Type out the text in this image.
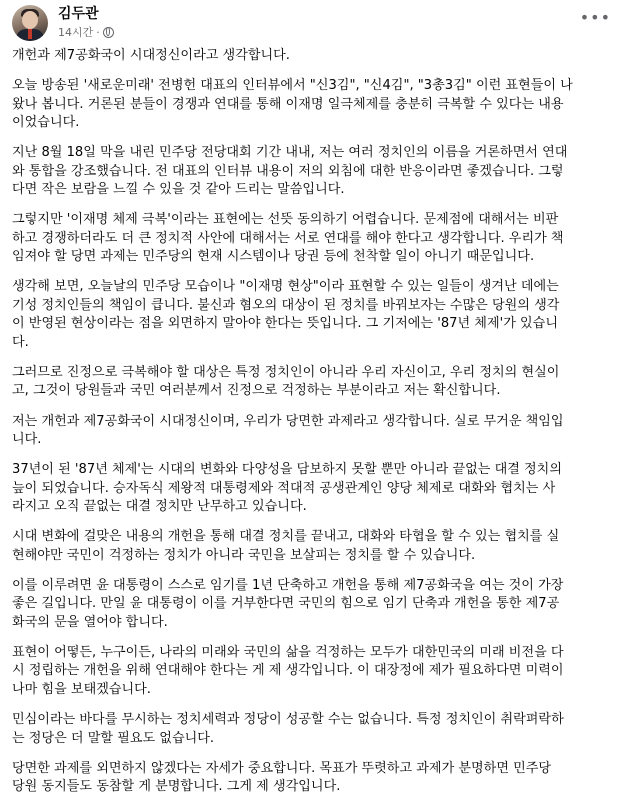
김두관
14시간 ·
•••
개헌과 제7공화국이 시대정신이라고 생각합니다.
오늘 방송된 '새로운미래' 전병헌 대표의 인터뷰에서 "신3김", "신4김", "3총3김" 이런 표현들이 나
왔나 봅니다. 거론된 분들이 경쟁과 연대를 통해 이재명 일극체제를 충분히 극복할 수 있다는 내용
이었습니다.
지난 8월 18일 막을 내린 민주당 전당대회 기간 내내, 저는 여러 정치인의 이름을 거론하면서 연대
와 통합을 강조했습니다. 전 대표의 인터뷰 내용이 저의 외침에 대한 반응이라면 좋겠습니다. 그렇
다면 작은 보람을 느낄 수 있을 것 같아 드리는 말씀입니다.
그렇지만 '이재명 체제 극복'이라는 표현에는 선뜻 동의하기 어렵습니다. 문제점에 대해서는 비판
하고 경쟁하더라도 더 큰 정치적 사안에 대해서는 서로 연대를 해야 한다고 생각합니다. 우리가 책
임져야 할 당면 과제는 민주당의 현재 시스템이나 당권 등에 천착할 일이 아니기 때문입니다.
생각해 보면, 오늘날의 민주당 모습이나 "이재명 현상"이라 표현할 수 있는 일들이 생겨난 데에는
기성 정치인들의 책임이 큽니다. 불신과 혐오의 대상이 된 정치를 바꿔보자는 수많은 당원의 생각
이 반영된 현상이라는 점을 외면하지 말아야 한다는 뜻입니다. 그 기저에는 '87년 체제'가 있습니
다.
그러므로 진정으로 극복해야 할 대상은 특정 정치인이 아니라 우리 자신이고, 우리 정치의 현실이
고, 그것이 당원들과 국민 여러분께서 진정으로 걱정하는 부분이라고 저는 확신합니다.
저는 개헌과 제7공화국이 시대정신이며, 우리가 당면한 과제라고 생각합니다. 실로 무거운 책임입
니다.
37년이 된 '87년 체제'는 시대의 변화와 다양성을 담보하지 못할 뿐만 아니라 끝없는 대결 정치의
늪이 되었습니다. 승자독식 제왕적 대통령제와 적대적 공생관계인 양당 체제로 대화와 협치는 사
라지고 오직 끝없는 대결 정치만 난무하고 있습니다.
시대 변화에 걸맞은 내용의 개헌을 통해 대결 정치를 끝내고, 대화와 타협을 할 수 있는 협치를 실
현해야만 국민이 걱정하는 정치가 아니라 국민을 보살피는 정치를 할 수 있습니다.
이를 이루려면 윤 대통령이 스스로 임기를 1년 단축하고 개헌을 통해 제7공화국을 여는 것이 가장
좋은 길입니다. 만일 윤 대통령이 이를 거부한다면 국민의 힘으로 임기 단축과 개헌을 통한 제7공
화국의 문을 열어야 합니다.
표현이 어떻든, 누구이든, 나라의 미래와 국민의 삶을 걱정하는 모두가 대한민국의 미래 비전을 다
시 정립하는 개헌을 위해 연대해야 한다는 게 제 생각입니다. 이 대장정에 제가 필요하다면 미력이
나마 힘을 보태겠습니다.
민심이라는 바다를 무시하는 정치세력과 정당이 성공할 수는 없습니다. 특정 정치인이 취락펴락하
는 정당은 더 말할 필요도 없습니다.
당면한 과제를 외면하지 않겠다는 자세가 중요합니다. 목표가 뚜렷하고 과제가 분명하면 민주당
당원 동지들도 동참할 게 분명합니다. 그게 제 생각입니다.
